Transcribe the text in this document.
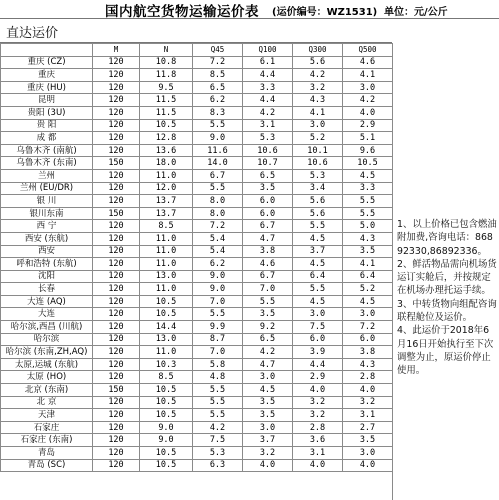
国内航空货物运输运价表 (运价编号：WZ1531) 单位：元/公斤
直达运价
	M	N	Q45	Q100	Q300	Q500
重庆 (CZ)	120	10.8	7.2	6.1	5.6	4.6
重庆	120	11.8	8.5	4.4	4.2	4.1
重庆 (HU)	120	9.5	6.5	3.3	3.2	3.0
昆明	120	11.5	6.2	4.4	4.3	4.2
贵阳 (3U)	120	11.5	8.3	4.2	4.1	4.0
贵 阳	120	10.5	5.5	3.1	3.0	2.9
成 都	120	12.8	9.0	5.3	5.2	5.1
乌鲁木齐 (南航)	120	13.6	11.6	10.6	10.1	9.6
乌鲁木齐 (东南)	150	18.0	14.0	10.7	10.6	10.5
兰州	120	11.0	6.7	6.5	5.3	4.5
兰州 (EU/DR)	120	12.0	5.5	3.5	3.4	3.3
银 川	120	13.7	8.0	6.0	5.6	5.5
银川东南	150	13.7	8.0	6.0	5.6	5.5
西 宁	120	8.5	7.2	6.7	5.5	5.0
西安 (东航)	120	11.0	5.4	4.7	4.5	4.3
西安	120	11.0	5.4	3.8	3.7	3.5
呼和浩特 (东航)	120	11.0	6.2	4.6	4.5	4.1
沈阳	120	13.0	9.0	6.7	6.4	6.4
长春	120	11.0	9.0	7.0	5.5	5.2
大连 (AQ)	120	10.5	7.0	5.5	4.5	4.5
大连	120	10.5	5.5	3.5	3.0	3.0
哈尔滨,西昌 (川航)	120	14.4	9.9	9.2	7.5	7.2
哈尔滨	120	13.0	8.7	6.5	6.0	6.0
哈尔滨 (东南,ZH,AQ)	120	11.0	7.0	4.2	3.9	3.8
太原,运城 (东航)	120	10.3	5.8	4.7	4.4	4.3
太原 (HO)	120	8.5	4.8	3.0	2.9	2.8
北京 (东南)	150	10.5	5.5	4.5	4.0	4.0
北 京	120	10.5	5.5	3.5	3.2	3.2
天津	120	10.5	5.5	3.5	3.2	3.1
石家庄	120	9.0	4.2	3.0	2.8	2.7
石家庄 (东南)	120	9.0	7.5	3.7	3.6	3.5
青岛	120	10.5	5.3	3.2	3.1	3.0
青岛 (SC)	120	10.5	6.3	4.0	4.0	4.0
1、以上价格已包含燃油附加费,咨询电话：86892330,86892336。2、鲜活物品需向机场货运订实舱后，并按规定在机场办理托运手续。3、中转货物向组配咨询联程舱位及运价。　　4、此运价于2018年6月16日开始执行至下次调整为止，原运价停止使用。
